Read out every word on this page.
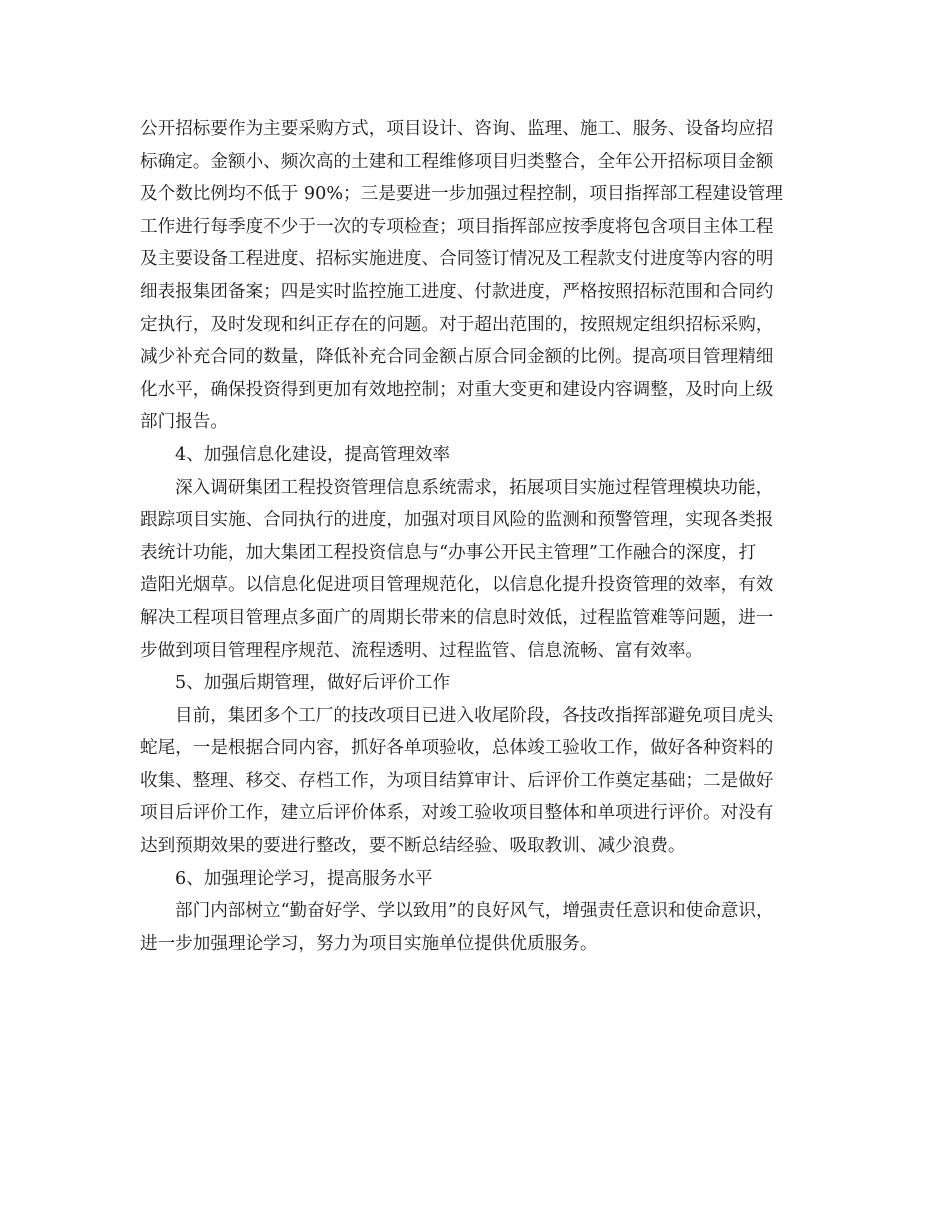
公开招标要作为主要采购方式，项目设计、咨询、监理、施工、服务、设备均应招
标确定。金额小、频次高的土建和工程维修项目归类整合，全年公开招标项目金额
及个数比例均不低于 90%；三是要进一步加强过程控制，项目指挥部工程建设管理
工作进行每季度不少于一次的专项检查；项目指挥部应按季度将包含项目主体工程
及主要设备工程进度、招标实施进度、合同签订情况及工程款支付进度等内容的明
细表报集团备案；四是实时监控施工进度、付款进度，严格按照招标范围和合同约
定执行，及时发现和纠正存在的问题。对于超出范围的，按照规定组织招标采购，
减少补充合同的数量，降低补充合同金额占原合同金额的比例。提高项目管理精细
化水平，确保投资得到更加有效地控制；对重大变更和建设内容调整，及时向上级
部门报告。
4、加强信息化建设，提高管理效率
深入调研集团工程投资管理信息系统需求，拓展项目实施过程管理模块功能，
跟踪项目实施、合同执行的进度，加强对项目风险的监测和预警管理，实现各类报
表统计功能，加大集团工程投资信息与“办事公开民主管理”工作融合的深度，打
造阳光烟草。以信息化促进项目管理规范化，以信息化提升投资管理的效率，有效
解决工程项目管理点多面广的周期长带来的信息时效低，过程监管难等问题，进一
步做到项目管理程序规范、流程透明、过程监管、信息流畅、富有效率。
5、加强后期管理，做好后评价工作
目前，集团多个工厂的技改项目已进入收尾阶段，各技改指挥部避免项目虎头
蛇尾，一是根据合同内容，抓好各单项验收，总体竣工验收工作，做好各种资料的
收集、整理、移交、存档工作，为项目结算审计、后评价工作奠定基础；二是做好
项目后评价工作，建立后评价体系，对竣工验收项目整体和单项进行评价。对没有
达到预期效果的要进行整改，要不断总结经验、吸取教训、减少浪费。
6、加强理论学习，提高服务水平
部门内部树立“勤奋好学、学以致用”的良好风气，增强责任意识和使命意识，
进一步加强理论学习，努力为项目实施单位提供优质服务。
